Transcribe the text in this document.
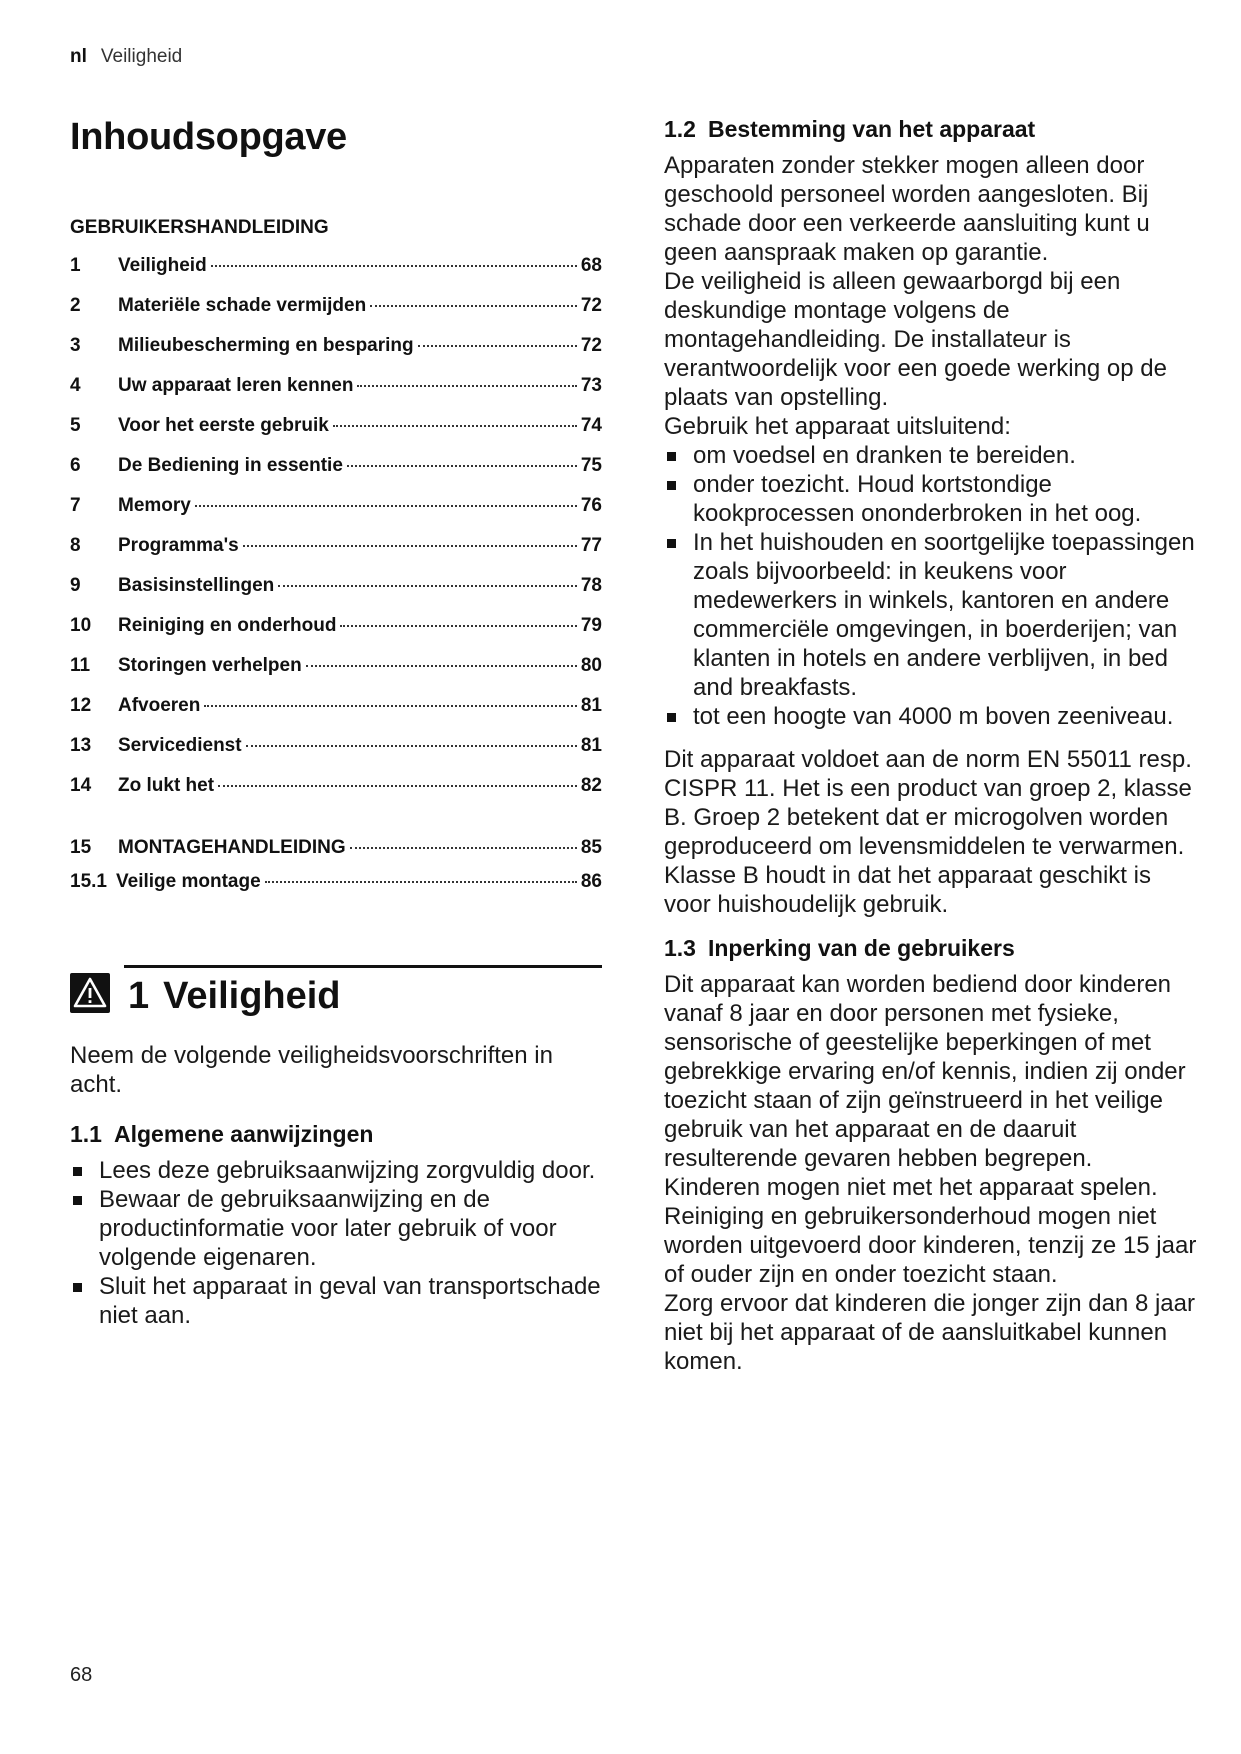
nl Veiligheid
Inhoudsopgave
GEBRUIKERSHANDLEIDING
1	Veiligheid	68
2	Materiële schade vermijden	72
3	Milieubescherming en besparing	72
4	Uw apparaat leren kennen	73
5	Voor het eerste gebruik	74
6	De Bediening in essentie	75
7	Memory	76
8	Programma's	77
9	Basisinstellingen	78
10	Reiniging en onderhoud	79
11	Storingen verhelpen	80
12	Afvoeren	81
13	Servicedienst	81
14	Zo lukt het	82
15	MONTAGEHANDLEIDING	85
15.1 Veilige montage	86
1 Veiligheid

Neem de volgende veiligheidsvoorschriften in acht.

1.1 Algemene aanwijzingen
Lees deze gebruiksaanwijzing zorgvuldig door.
Bewaar de gebruiksaanwijzing en de productinformatie voor later gebruik of voor volgende eigenaren.
Sluit het apparaat in geval van transportschade niet aan.
1.2 Bestemming van het apparaat

Apparaten zonder stekker mogen alleen door geschoold personeel worden aangesloten. Bij schade door een verkeerde aansluiting kunt u geen aanspraak maken op garantie.

De veiligheid is alleen gewaarborgd bij een deskundige montage volgens de montagehandleiding. De installateur is verantwoordelijk voor een goede werking op de plaats van opstelling.

Gebruik het apparaat uitsluitend:

om voedsel en dranken te bereiden.
onder toezicht. Houd kortstondige kookprocessen ononderbroken in het oog.
In het huishouden en soortgelijke toepassingen zoals bijvoorbeeld: in keukens voor medewerkers in winkels, kantoren en andere commerciële omgevingen, in boerderijen; van klanten in hotels en andere verblijven, in bed and breakfasts.
tot een hoogte van 4000 m boven zeeniveau.

Dit apparaat voldoet aan de norm EN 55011 resp. CISPR 11. Het is een product van groep 2, klasse B. Groep 2 betekent dat er microgolven worden geproduceerd om levensmiddelen te verwarmen. Klasse B houdt in dat het apparaat geschikt is voor huishoudelijk gebruik.

1.3 Inperking van de gebruikers

Dit apparaat kan worden bediend door kinderen vanaf 8 jaar en door personen met fysieke, sensorische of geestelijke beperkingen of met gebrekkige ervaring en/of kennis, indien zij onder toezicht staan of zijn geïnstrueerd in het veilige gebruik van het apparaat en de daaruit resulterende gevaren hebben begrepen.

Kinderen mogen niet met het apparaat spelen.

Reiniging en gebruikersonderhoud mogen niet worden uitgevoerd door kinderen, tenzij ze 15 jaar of ouder zijn en onder toezicht staan.

Zorg ervoor dat kinderen die jonger zijn dan 8 jaar niet bij het apparaat of de aansluitkabel kunnen komen.

68
